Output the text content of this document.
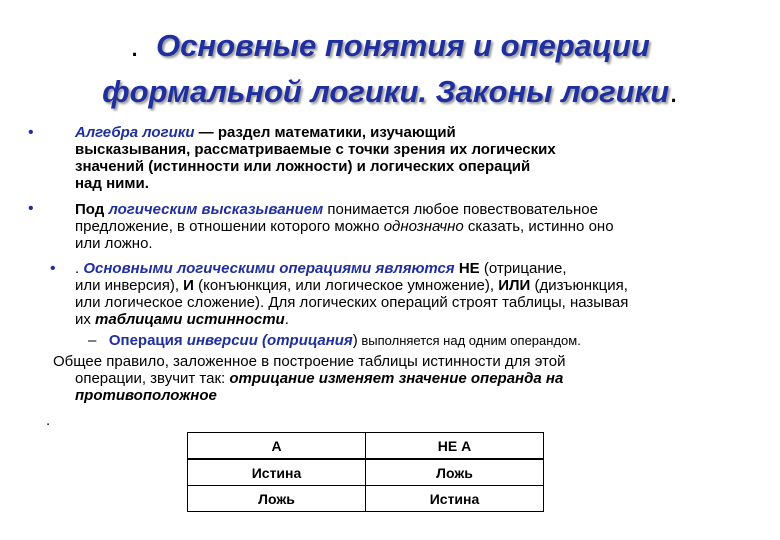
. Основные понятия и операции
формальной логики. Законы логики.
•	Алгебра логики — раздел математики, изучающий
высказывания, рассматриваемые с точки зрения их логических
значений (истинности или ложности) и логических операций
над ними.
•	Под логическим высказыванием понимается любое повествовательное
предложение, в отношении которого можно однозначно сказать, истинно оно
или ложно.
• . Основными логическими операциями являются НЕ (отрицание,
или инверсия), И (конъюнкция, или логическое умножение), ИЛИ (дизъюнкция,
или логическое сложение). Для логических операций строят таблицы, называя
их таблицами истинности.
– Операция инверсии (отрицания) выполняется над одним операндом.
Общее правило, заложенное в построение таблицы истинности для этой
операции, звучит так: отрицание изменяет значение операнда на
противоположное
.
A	НЕ А
Истина	Ложь
Ложь	Истина
